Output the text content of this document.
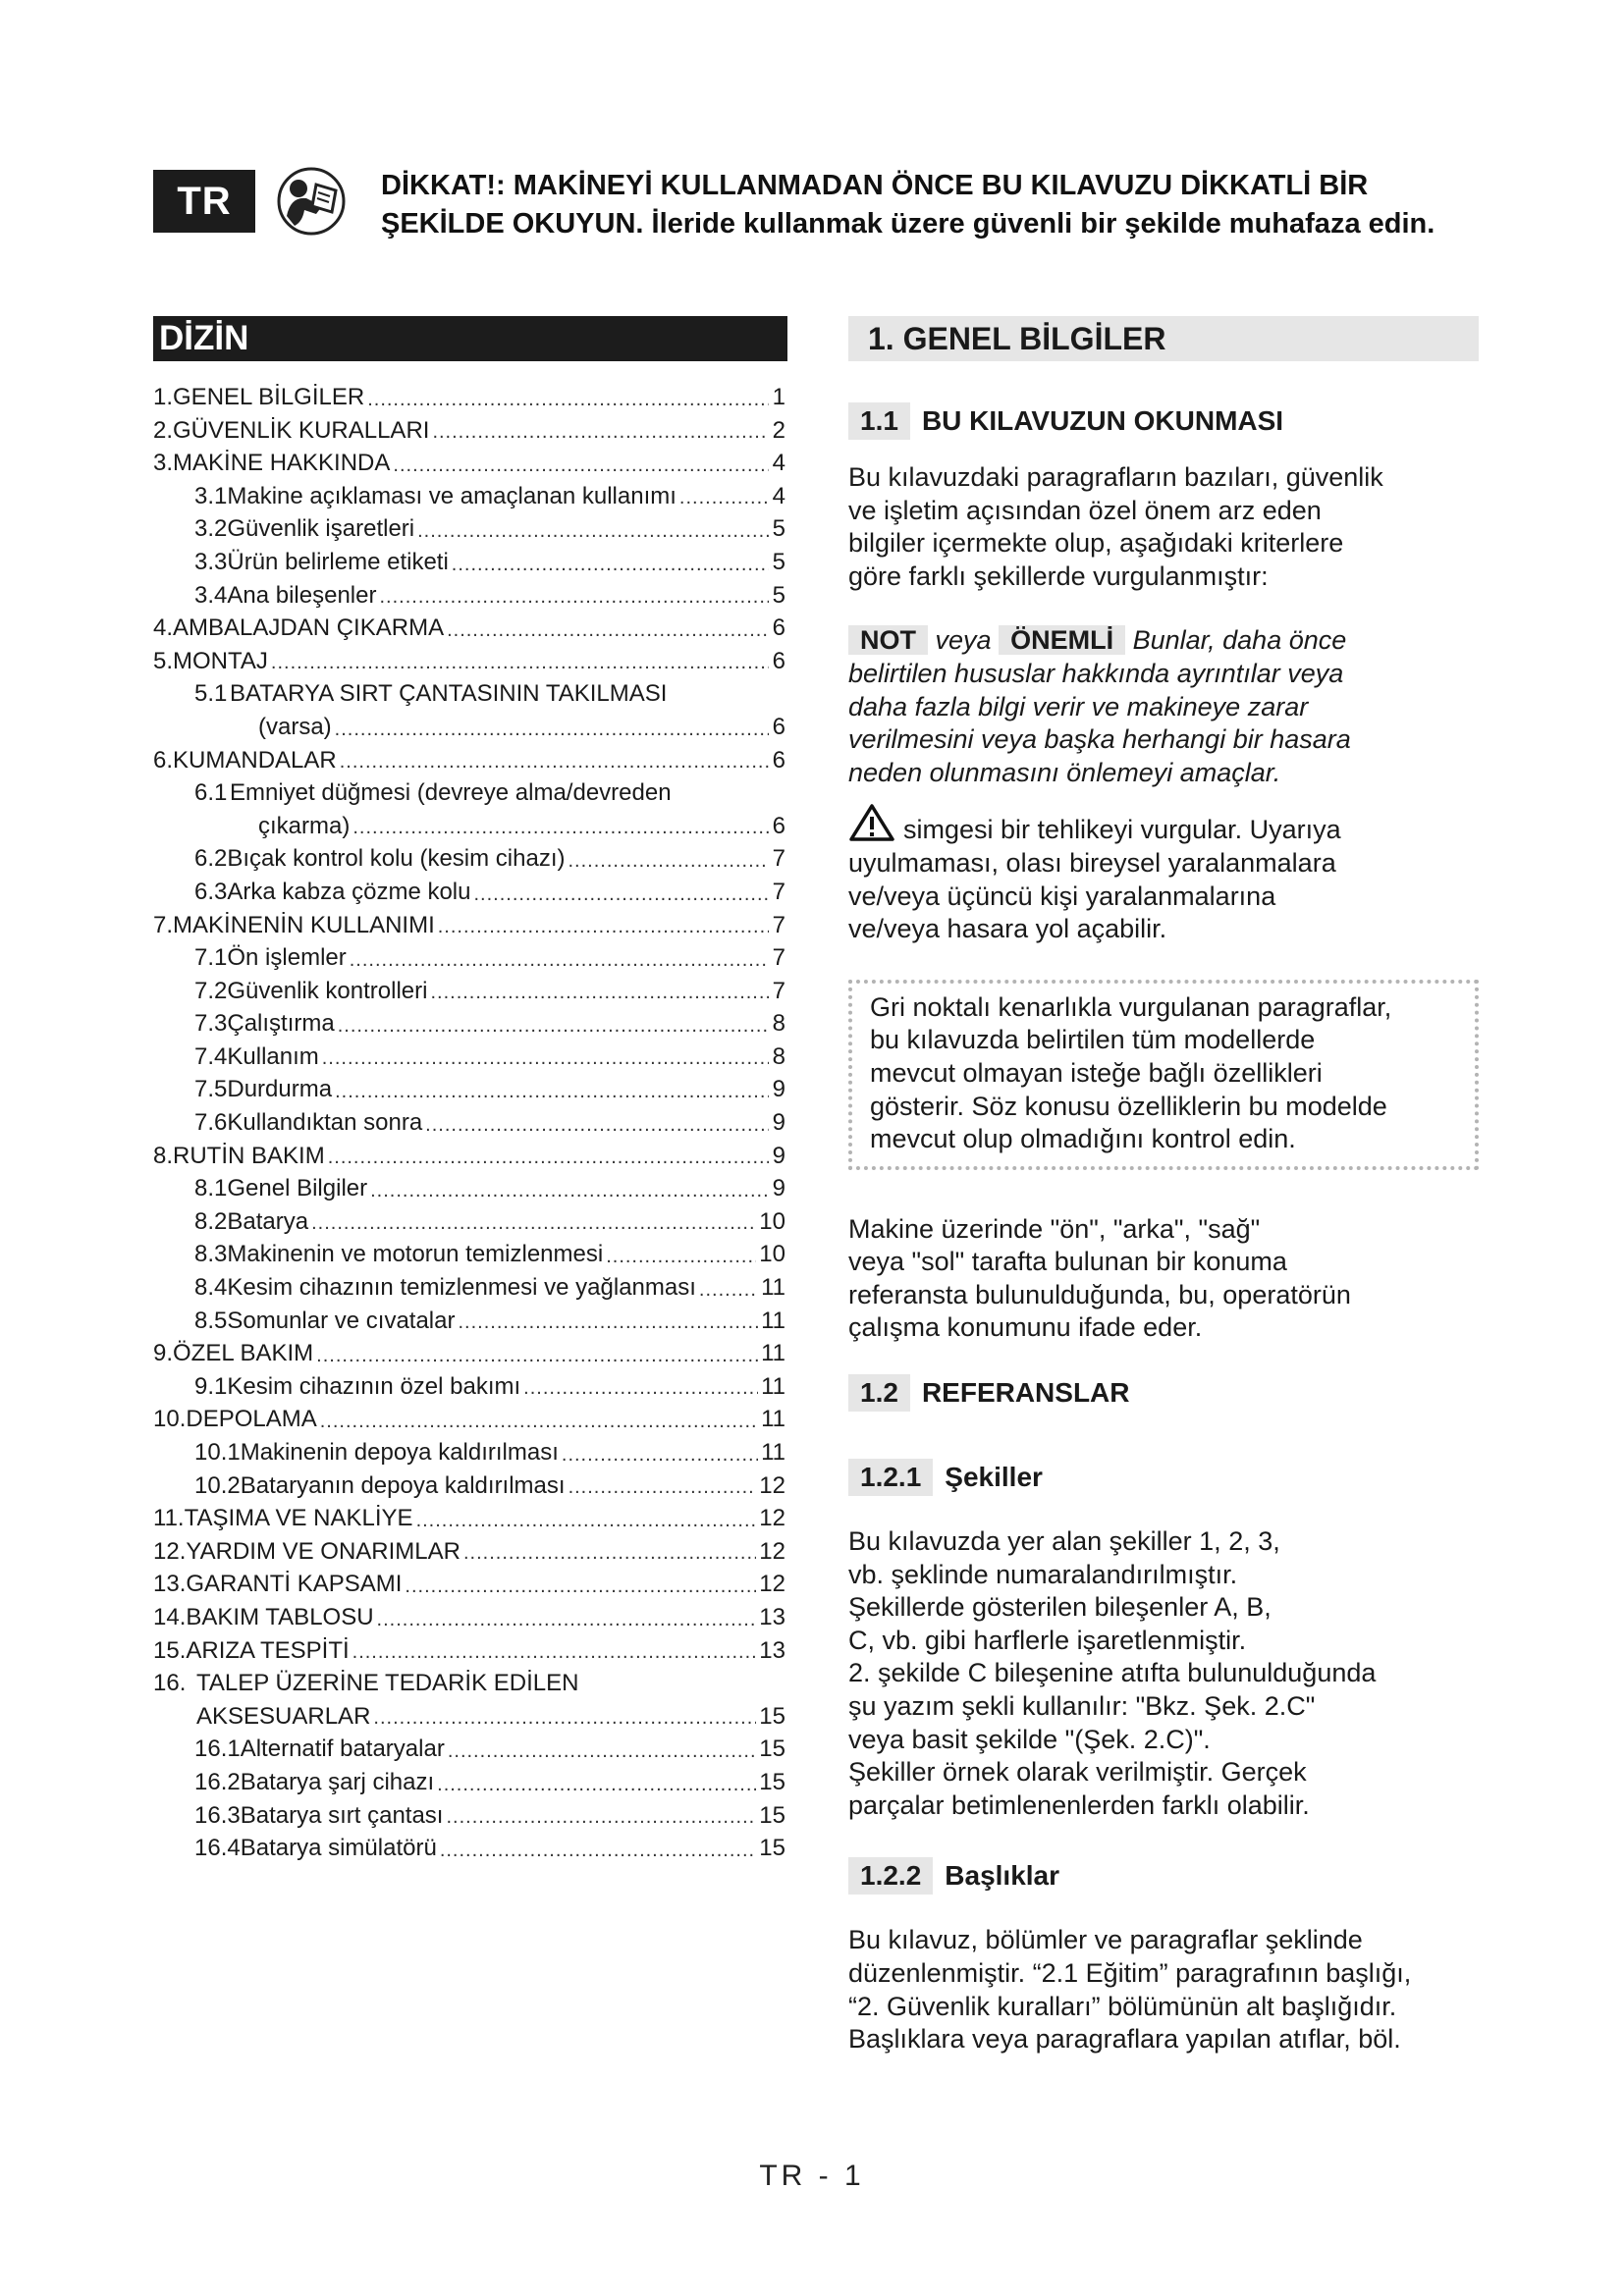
TR	DİKKAT!: MAKİNEYİ KULLANMADAN ÖNCE BU KILAVUZU DİKKATLİ BİR
ŞEKİLDE OKUYUN. İleride kullanmak üzere güvenli bir şekilde muhafaza edin.
DİZİN
1. GENEL BİLGİLER .....	1
2. GÜVENLİK KURALLARI .....	2
3. MAKİNE HAKKINDA .....	4
3.1 Makine açıklaması ve amaçlanan kullanımı .....	4
3.2 Güvenlik işaretleri .....	5
3.3 Ürün belirleme etiketi .....	5
3.4 Ana bileşenler .....	5
4. AMBALAJDAN ÇIKARMA .....	6
5. MONTAJ .....	6
5.1 BATARYA SIRT ÇANTASININ TAKILMASI
(varsa) .....	6
6. KUMANDALAR .....	6
6.1 Emniyet düğmesi (devreye alma/devreden
çıkarma) .....	6
6.2 Bıçak kontrol kolu (kesim cihazı) .....	7
6.3 Arka kabza çözme kolu .....	7
7. MAKİNENİN KULLANIMI .....	7
7.1 Ön işlemler .....	7
7.2 Güvenlik kontrolleri .....	7
7.3 Çalıştırma .....	8
7.4 Kullanım .....	8
7.5 Durdurma .....	9
7.6 Kullandıktan sonra .....	9
8. RUTİN BAKIM .....	9
8.1 Genel Bilgiler .....	9
8.2 Batarya .....	10
8.3 Makinenin ve motorun temizlenmesi .....	10
8.4 Kesim cihazının temizlenmesi ve yağlanması .....	11
8.5 Somunlar ve cıvatalar .....	11
9. ÖZEL BAKIM .....	11
9.1 Kesim cihazının özel bakımı .....	11
10. DEPOLAMA .....	11
10.1 Makinenin depoya kaldırılması .....	11
10.2 Bataryanın depoya kaldırılması .....	12
11. TAŞIMA VE NAKLİYE .....	12
12. YARDIM VE ONARIMLAR .....	12
13. GARANTİ KAPSAMI .....	12
14. BAKIM TABLOSU .....	13
15. ARIZA TESPİTİ .....	13
16. TALEP ÜZERİNE TEDARİK EDİLEN
AKSESUARLAR .....	15
16.1 Alternatif bataryalar .....	15
16.2 Batarya şarj cihazı .....	15
16.3 Batarya sırt çantası .....	15
16.4 Batarya simülatörü .....	15
1. GENEL BİLGİLER
1.1 BU KILAVUZUN OKUNMASI

Bu kılavuzdaki paragrafların bazıları, güvenlik

ve işletim açısından özel önem arz eden

bilgiler içermekte olup, aşağıdaki kriterlere

göre farklı şekillerde vurgulanmıştır:

NOT veya ÖNEMLİ Bunlar, daha önce

belirtilen hususlar hakkında ayrıntılar veya

daha fazla bilgi verir ve makineye zarar

verilmesini veya başka herhangi bir hasara

neden olunmasını önlemeyi amaçlar.

simgesi bir tehlikeyi vurgular. Uyarıya

uyulmaması, olası bireysel yaralanmalara

ve/veya üçüncü kişi yaralanmalarına

ve/veya hasara yol açabilir.

Gri noktalı kenarlıkla vurgulanan paragraflar,

bu kılavuzda belirtilen tüm modellerde

mevcut olmayan isteğe bağlı özellikleri

gösterir. Söz konusu özelliklerin bu modelde

mevcut olup olmadığını kontrol edin.

Makine üzerinde "ön", "arka", "sağ"

veya "sol" tarafta bulunan bir konuma

referansta bulunulduğunda, bu, operatörün

çalışma konumunu ifade eder.

1.2 REFERANSLAR
1.2.1 Şekiller

Bu kılavuzda yer alan şekiller 1, 2, 3,

vb. şeklinde numaralandırılmıştır.

Şekillerde gösterilen bileşenler A, B,

C, vb. gibi harflerle işaretlenmiştir.

2. şekilde C bileşenine atıfta bulunulduğunda

şu yazım şekli kullanılır: "Bkz. Şek. 2.C"

veya basit şekilde "(Şek. 2.C)".

Şekiller örnek olarak verilmiştir. Gerçek

parçalar betimlenenlerden farklı olabilir.

1.2.2 Başlıklar

Bu kılavuz, bölümler ve paragraflar şeklinde

düzenlenmiştir. “2.1 Eğitim” paragrafının başlığı,

“2. Güvenlik kuralları” bölümünün alt başlığıdır.

Başlıklara veya paragraflara yapılan atıflar, böl.

TR - 1
